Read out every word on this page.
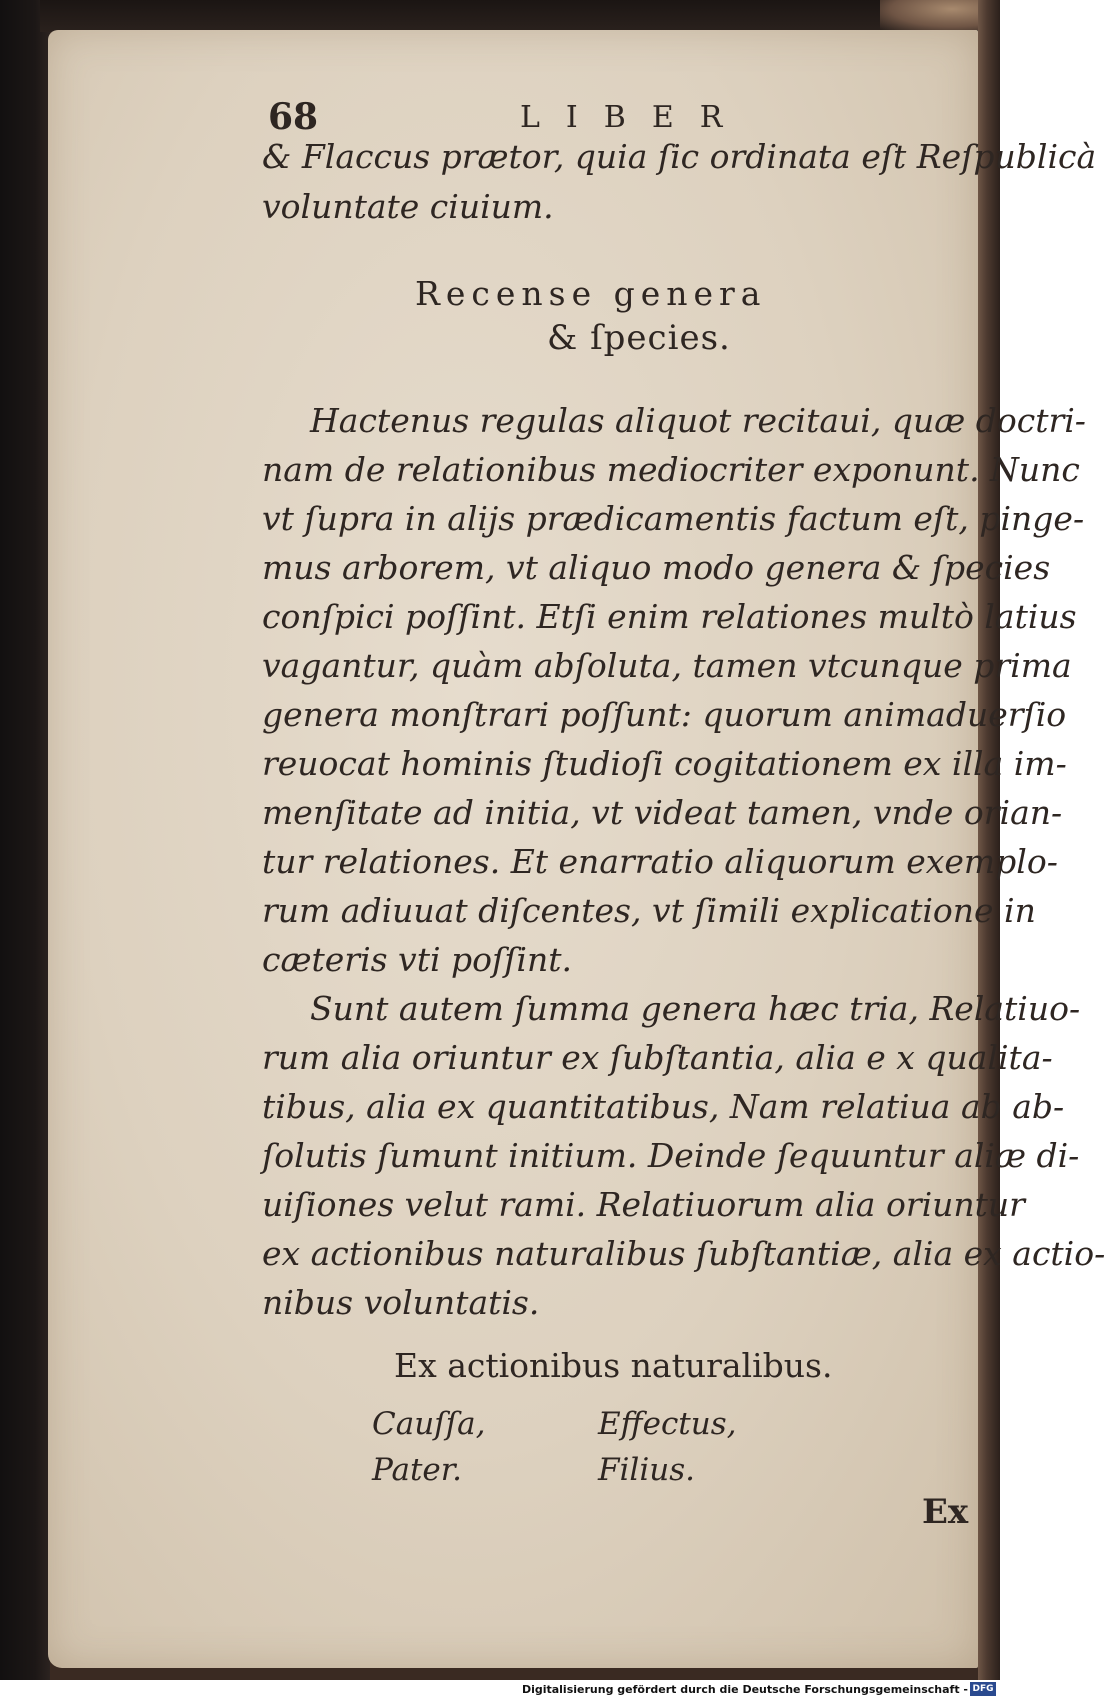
68	LIBER
& Flaccus prætor, quia ſic ordinata eſt Reſpublicà
voluntate ciuium.
Recense genera
& ſpecies.
Hactenus regulas aliquot recitaui, quæ doctri-
nam de relationibus mediocriter exponunt. Nunc
vt ſupra in alijs prædicamentis factum eſt, pinge-
mus arborem, vt aliquo modo genera & ſpecies
conſpici poſſint. Etſi enim relationes multò latius
vagantur, quàm abſoluta, tamen vtcunque prima
genera monſtrari poſſunt: quorum animaduerſio
reuocat hominis ſtudioſi cogitationem ex illa im-
menſitate ad initia, vt videat tamen, vnde orian-
tur relationes. Et enarratio aliquorum exemplo-
rum adiuuat diſcentes, vt ſimili explicatione in
cæteris vti poſſint.
Sunt autem ſumma genera hæc tria, Relatiuo-
rum alia oriuntur ex ſubſtantia, alia e x qualita-
tibus, alia ex quantitatibus, Nam relatiua ab ab-
ſolutis ſumunt initium. Deinde ſequuntur aliæ di-
uiſiones velut rami. Relatiuorum alia oriuntur
Ex actionibus naturalibus.
Cauſſa,	Effectus,
Pater.	Filius.
Ex
ex actionibus naturalibus ſubſtantiæ, alia ex actio-
nibus voluntatis.
Digitalisierung gefördert durch die Deutsche Forschungsgemeinschaft - DFG
